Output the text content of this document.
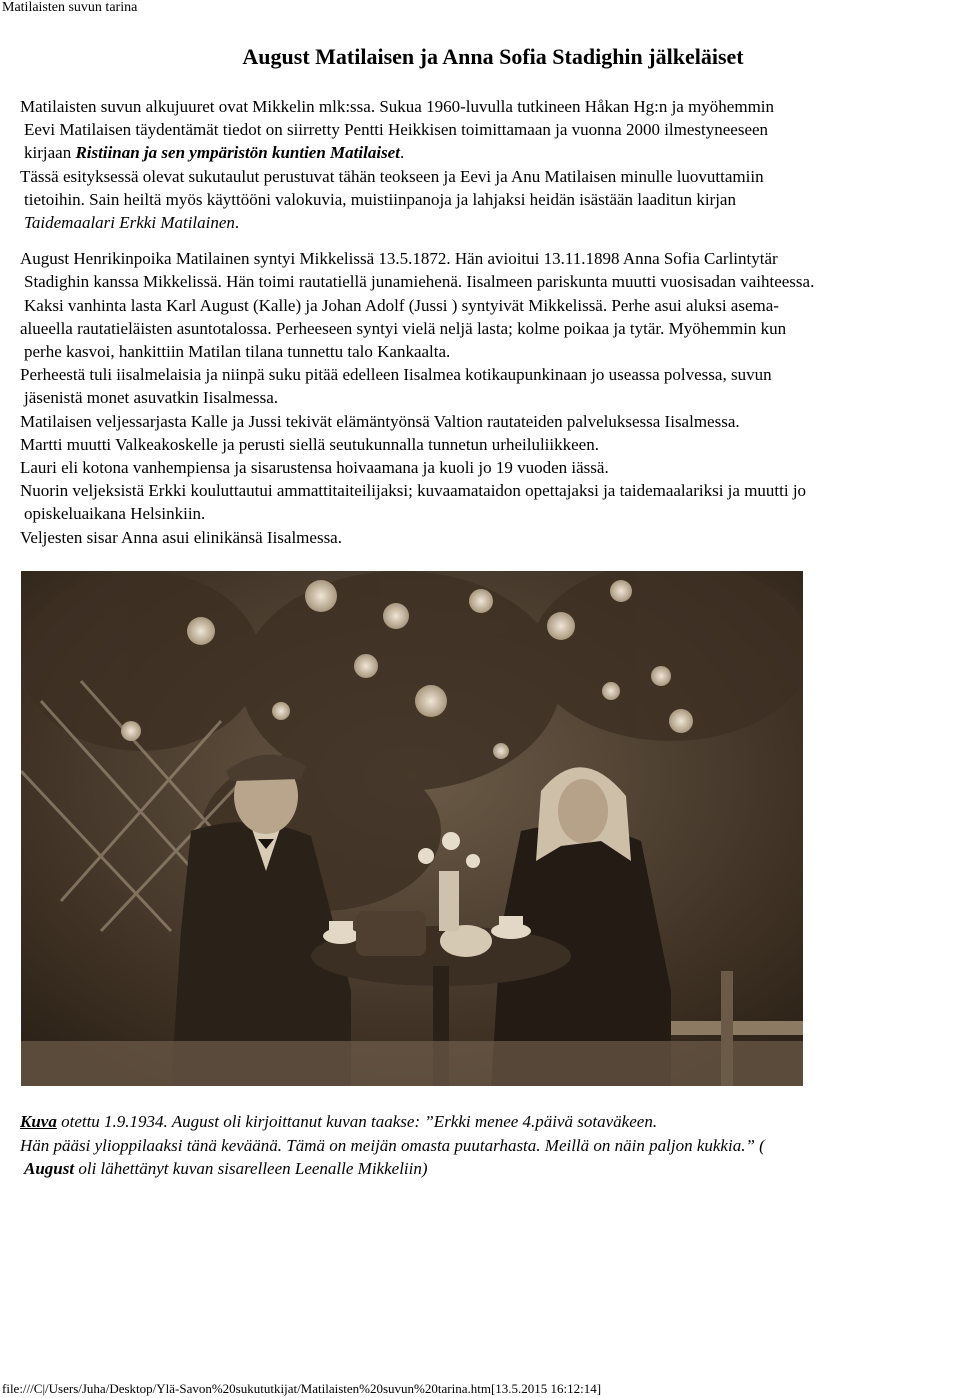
Matilaisten suvun tarina
August Matilaisen ja Anna Sofia Stadighin jälkeläiset

Matilaisten suvun alkujuuret ovat Mikkelin mlk:ssa. Sukua 1960-luvulla tutkineen Håkan Hg:n ja myöhemmin

Eevi Matilaisen täydentämät tiedot on siirretty Pentti Heikkisen toimittamaan ja vuonna 2000 ilmestyneeseen

kirjaan Ristiinan ja sen ympäristön kuntien Matilaiset.

Tässä esityksessä olevat sukutaulut perustuvat tähän teokseen ja Eevi ja Anu Matilaisen minulle luovuttamiin

tietoihin. Sain heiltä myös käyttööni valokuvia, muistiinpanoja ja lahjaksi heidän isästään laaditun kirjan

Taidemaalari Erkki Matilainen.

August Henrikinpoika Matilainen syntyi Mikkelissä 13.5.1872. Hän avioitui 13.11.1898 Anna Sofia Carlintytär

Stadighin kanssa Mikkelissä. Hän toimi rautatiellä junamiehenä. Iisalmeen pariskunta muutti vuosisadan vaihteessa.

Kaksi vanhinta lasta Karl August (Kalle) ja Johan Adolf (Jussi ) syntyivät Mikkelissä. Perhe asui aluksi asema-

alueella rautatieläisten asuntotalossa. Perheeseen syntyi vielä neljä lasta; kolme poikaa ja tytär. Myöhemmin kun

perhe kasvoi, hankittiin Matilan tilana tunnettu talo Kankaalta.

Perheestä tuli iisalmelaisia ja niinpä suku pitää edelleen Iisalmea kotikaupunkinaan jo useassa polvessa, suvun

jäsenistä monet asuvatkin Iisalmessa.

Matilaisen veljessarjasta Kalle ja Jussi tekivät elämäntyönsä Valtion rautateiden palveluksessa Iisalmessa.

Martti muutti Valkeakoskelle ja perusti siellä seutukunnalla tunnetun urheiluliikkeen.

Lauri eli kotona vanhempiensa ja sisarustensa hoivaamana ja kuoli jo 19 vuoden iässä.

Nuorin veljeksistä Erkki kouluttautui ammattitaiteilijaksi; kuvaamataidon opettajaksi ja taidemaalariksi ja muutti jo

opiskeluaikana Helsinkiin.

Veljesten sisar Anna asui elinikänsä Iisalmessa.

Kuva otettu 1.9.1934. August oli kirjoittanut kuvan taakse: ”Erkki menee 4.päivä sotaväkeen.

Hän pääsi ylioppilaaksi tänä keväänä. Tämä on meijän omasta puutarhasta. Meillä on näin paljon kukkia.” (

August oli lähettänyt kuvan sisarelleen Leenalle Mikkeliin)

file:///C|/Users/Juha/Desktop/Ylä-Savon%20sukututkijat/Matilaisten%20suvun%20tarina.htm[13.5.2015 16:12:14]
